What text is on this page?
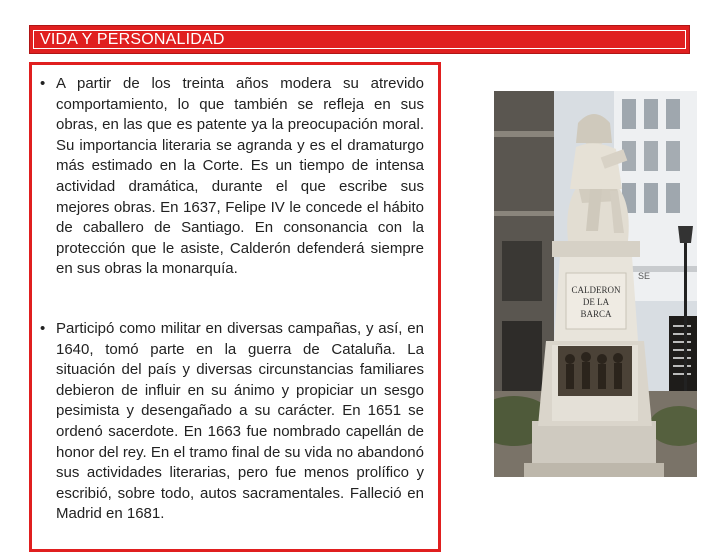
VIDA Y PERSONALIDAD
• A partir de los treinta años modera su atrevido comportamiento, lo que también se refleja en sus obras, en las que es patente ya la preocupación moral. Su importancia literaria se agranda y es el dramaturgo más estimado en la Corte. Es un tiempo de intensa actividad dramática, durante el que escribe sus mejores obras. En 1637, Felipe IV le concede el hábito de caballero de Santiago. En consonancia con la protección que le asiste, Calderón defenderá siempre en sus obras la monarquía.
• Participó como militar en diversas campañas, y así, en 1640, tomó parte en la guerra de Cataluña. La situación del país y diversas circunstancias familiares debieron de influir en su ánimo y propiciar un sesgo pesimista y desengañado a su carácter. En 1651 se ordenó sacerdote. En 1663 fue nombrado capellán de honor del rey. En el tramo final de su vida no abandonó sus actividades literarias, pero fue menos prolífico y escribió, sobre todo, autos sacramentales. Falleció en Madrid en 1681.
SE
CALDERON
DE LA
BARCA
